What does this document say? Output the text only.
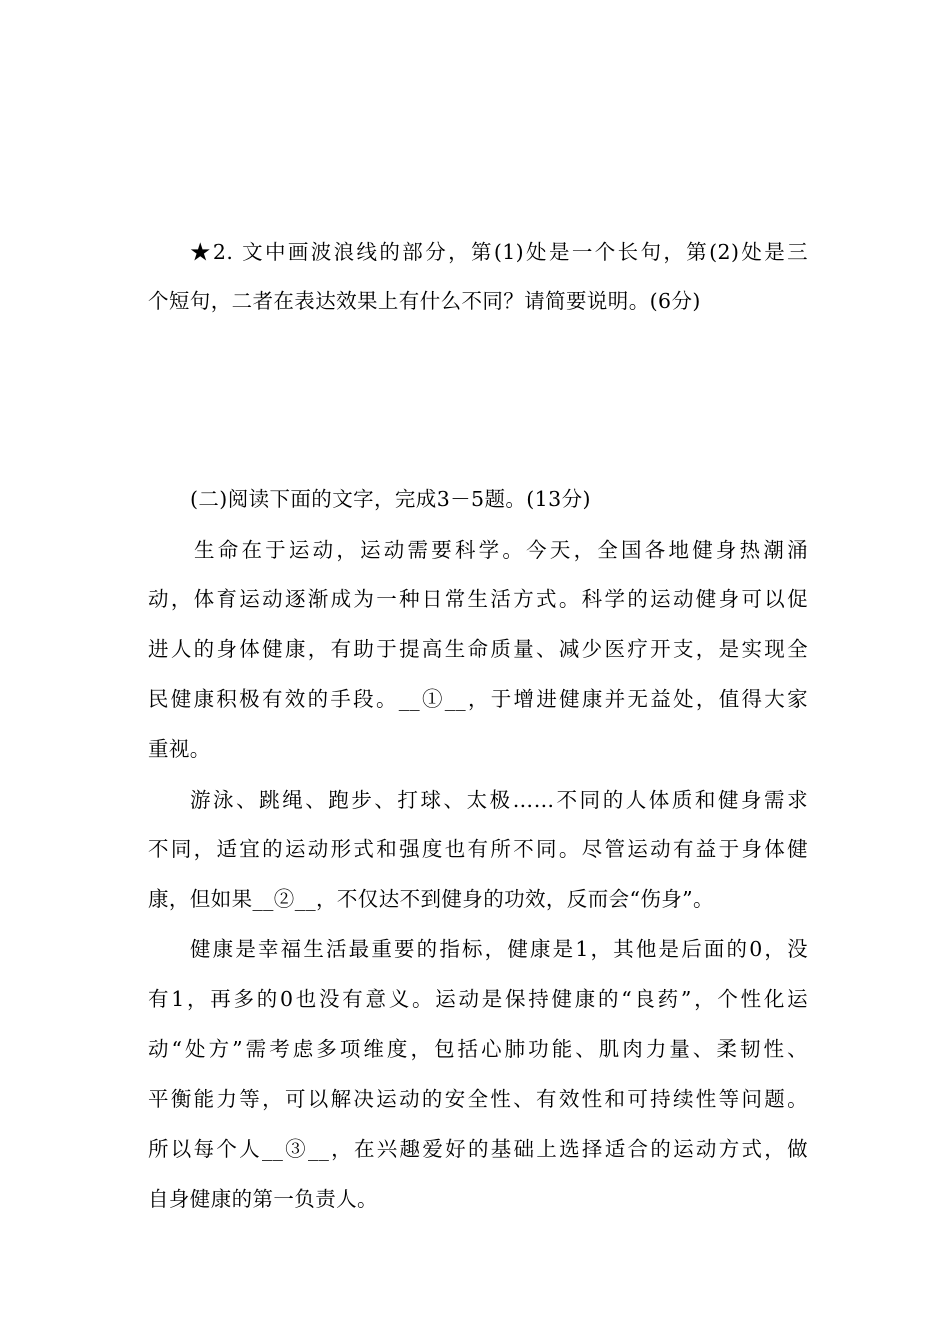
★2. 文中画波浪线的部分，第(1)处是一个长句，第(2)处是三
个短句，二者在表达效果上有什么不同？请简要说明。(6分)
(二)阅读下面的文字，完成3－5题。(13分)
生命在于运动，运动需要科学。今天，全国各地健身热潮涌
动，体育运动逐渐成为一种日常生活方式。科学的运动健身可以促
进人的身体健康，有助于提高生命质量、减少医疗开支，是实现全
民健康积极有效的手段。__①__，于增进健康并无益处，值得大家
重视。
游泳、跳绳、跑步、打球、太极……不同的人体质和健身需求
不同，适宜的运动形式和强度也有所不同。尽管运动有益于身体健
康，但如果__②__，不仅达不到健身的功效，反而会“伤身”。
健康是幸福生活最重要的指标，健康是1，其他是后面的0，没
有1，再多的0也没有意义。运动是保持健康的“良药”，个性化运
动“处方”需考虑多项维度，包括心肺功能、肌肉力量、柔韧性、
平衡能力等，可以解决运动的安全性、有效性和可持续性等问题。
所以每个人__③__，在兴趣爱好的基础上选择适合的运动方式，做
自身健康的第一负责人。
